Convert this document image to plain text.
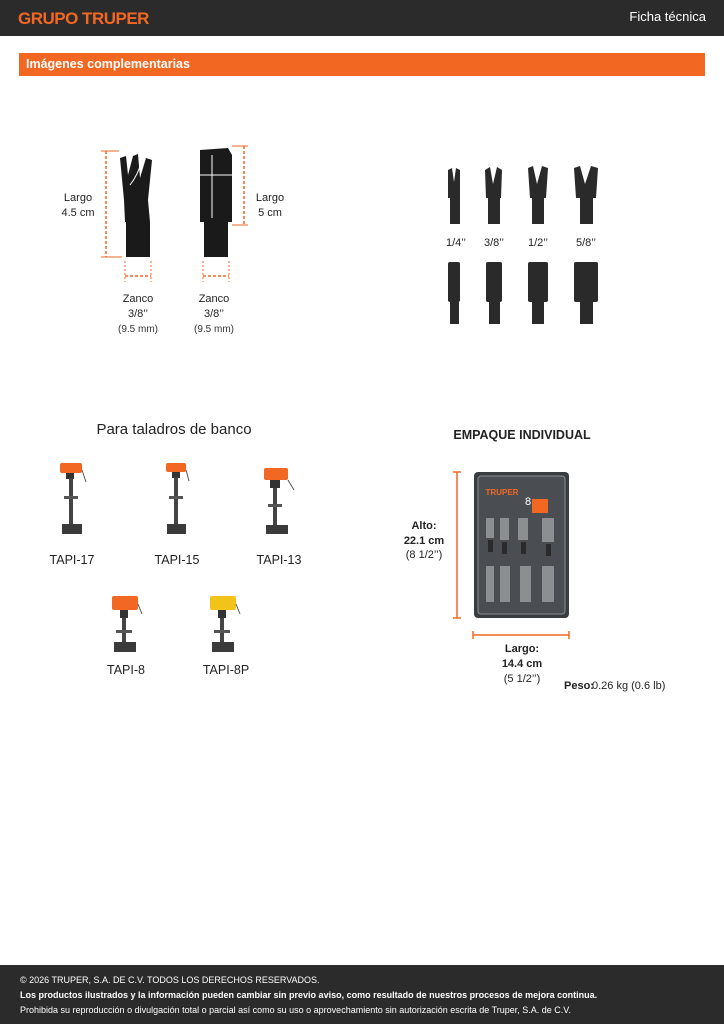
GRUPO TRUPER	Ficha técnica
Imágenes complementarias
Largo
4.5 cm
Largo
5 cm
Zanco
3/8’’
(9.5 mm)
Zanco
3/8’’
(9.5 mm)
1/4’’	3/8’’	1/2’’	5/8’’
Para taladros de banco
TAPI-17	TAPI-15	TAPI-13
TAPI-8	TAPI-8P
EMPAQUE INDIVIDUAL
TRUPER
8
Alto:
22.1 cm
(8 1/2’’)
Largo:
14.4 cm
(5 1/2’’)
Peso:
0.26 kg (0.6 lb)
© 2026 TRUPER, S.A. DE C.V. TODOS LOS DERECHOS RESERVADOS.
Los productos ilustrados y la información pueden cambiar sin previo aviso, como resultado de nuestros procesos de mejora continua.
Prohibida su reproducción o divulgación total o parcial así como su uso o aprovechamiento sin autorización escrita de Truper, S.A. de C.V.
